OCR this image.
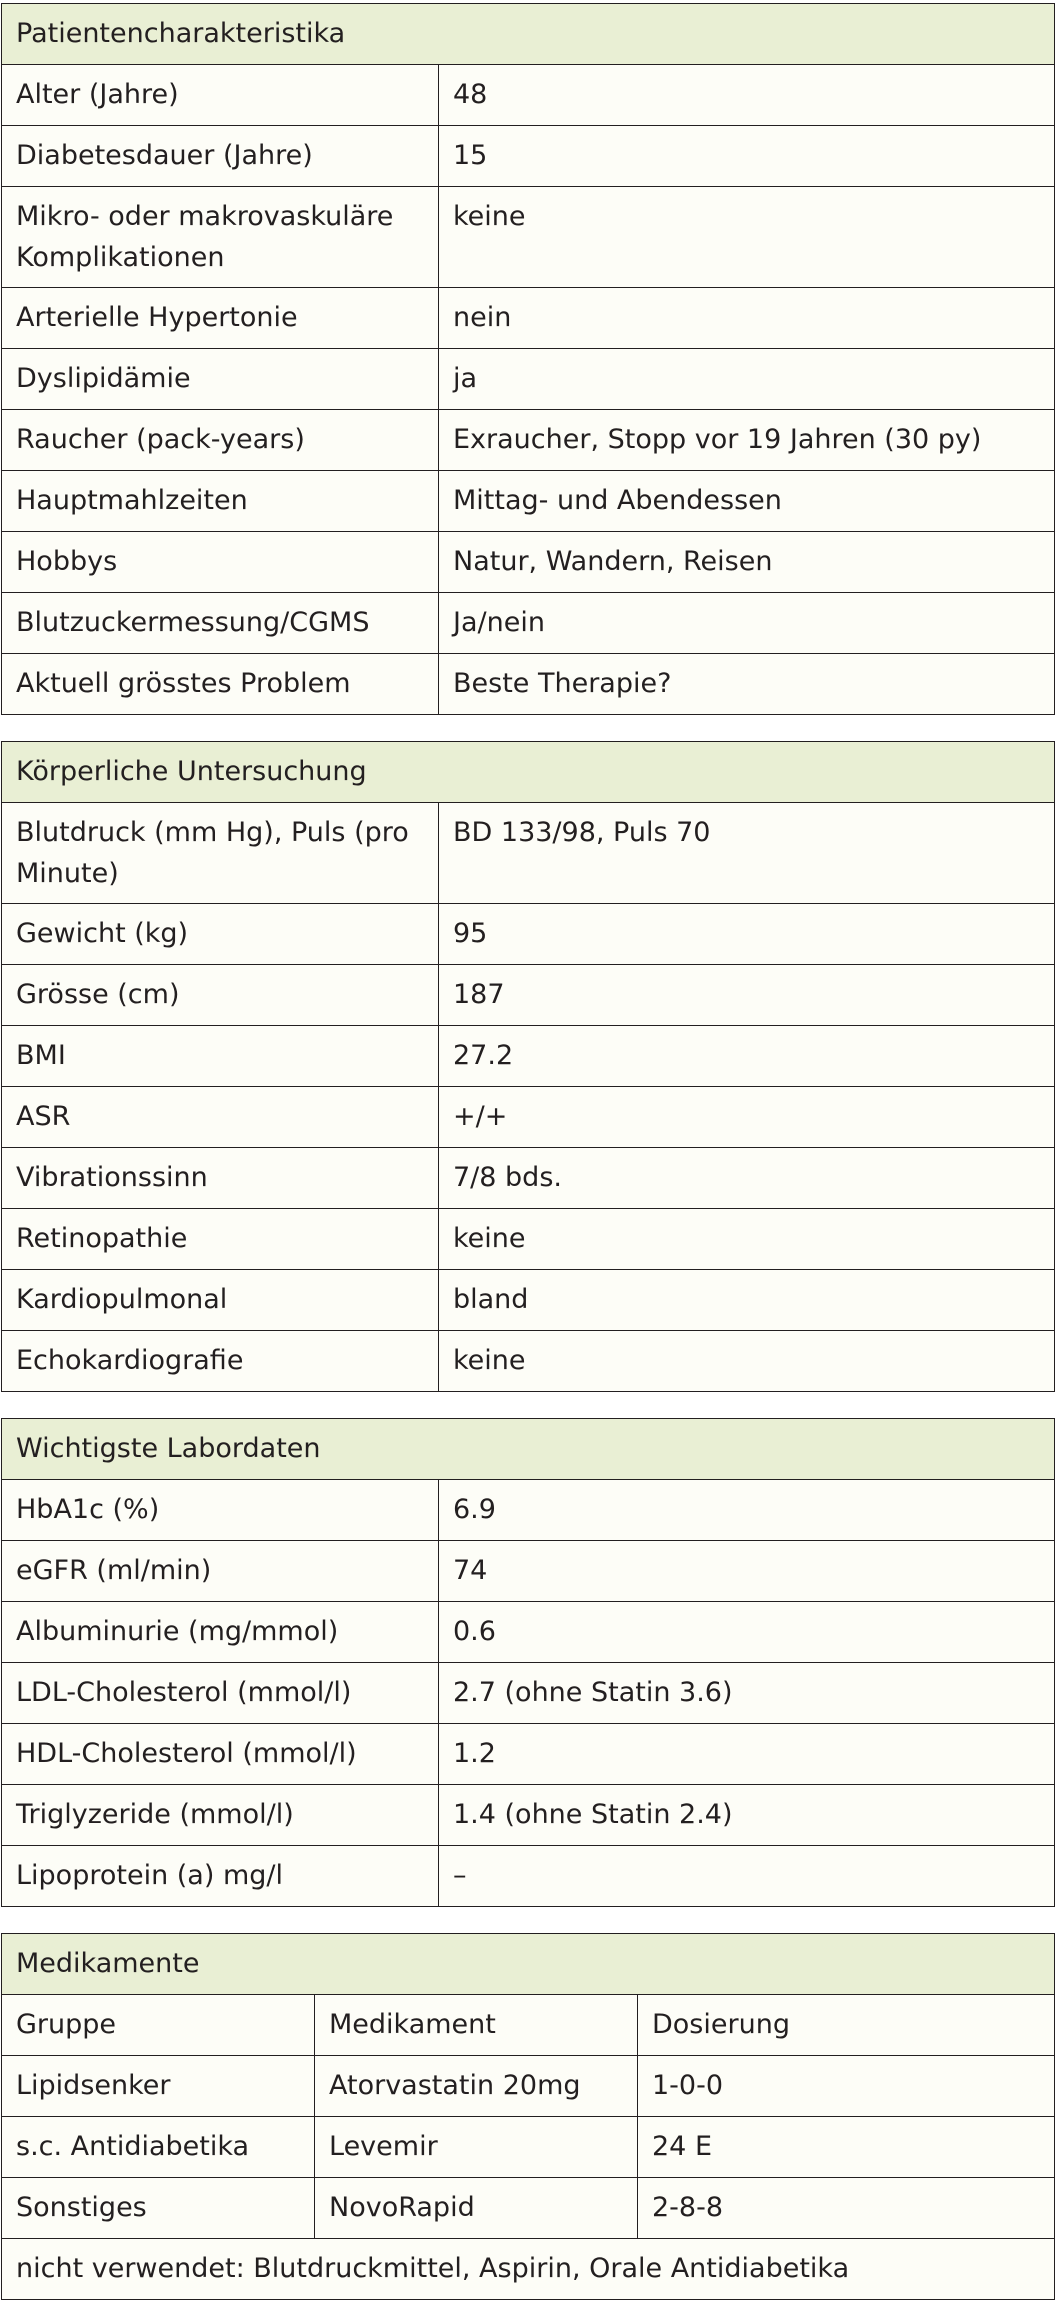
Patientencharakteristika	
Alter (Jahre)	48
Diabetesdauer (Jahre)	15
Mikro- oder makrovaskuläre Komplikationen	keine
Arterielle Hypertonie	nein
Dyslipidämie	ja
Raucher (pack-years)	Exraucher, Stopp vor 19 Jahren (30 py)
Hauptmahlzeiten	Mittag- und Abendessen
Hobbys	Natur, Wandern, Reisen
Blutzuckermessung/CGMS	Ja/nein
Aktuell grösstes Problem	Beste Therapie?
Körperliche Untersuchung	
Blutdruck (mm Hg), Puls (pro Minute)	BD 133/98, Puls 70
Gewicht (kg)	95
Grösse (cm)	187
BMI	27.2
ASR	+/+
Vibrationssinn	7/8 bds.
Retinopathie	keine
Kardiopulmonal	bland
Echokardiografie	keine
Wichtigste Labordaten	
HbA1c (%)	6.9
eGFR (ml/min)	74
Albuminurie (mg/mmol)	0.6
LDL-Cholesterol (mmol/l)	2.7 (ohne Statin 3.6)
HDL-Cholesterol (mmol/l)	1.2
Triglyzeride (mmol/l)	1.4 (ohne Statin 2.4)
Lipoprotein (a) mg/l	–
Medikamente		
Gruppe	Medikament	Dosierung
Lipidsenker	Atorvastatin 20mg	1-0-0
s.c. Antidiabetika	Levemir	24 E
Sonstiges	NovoRapid	2-8-8
nicht verwendet: Blutdruckmittel, Aspirin, Orale Antidiabetika		
